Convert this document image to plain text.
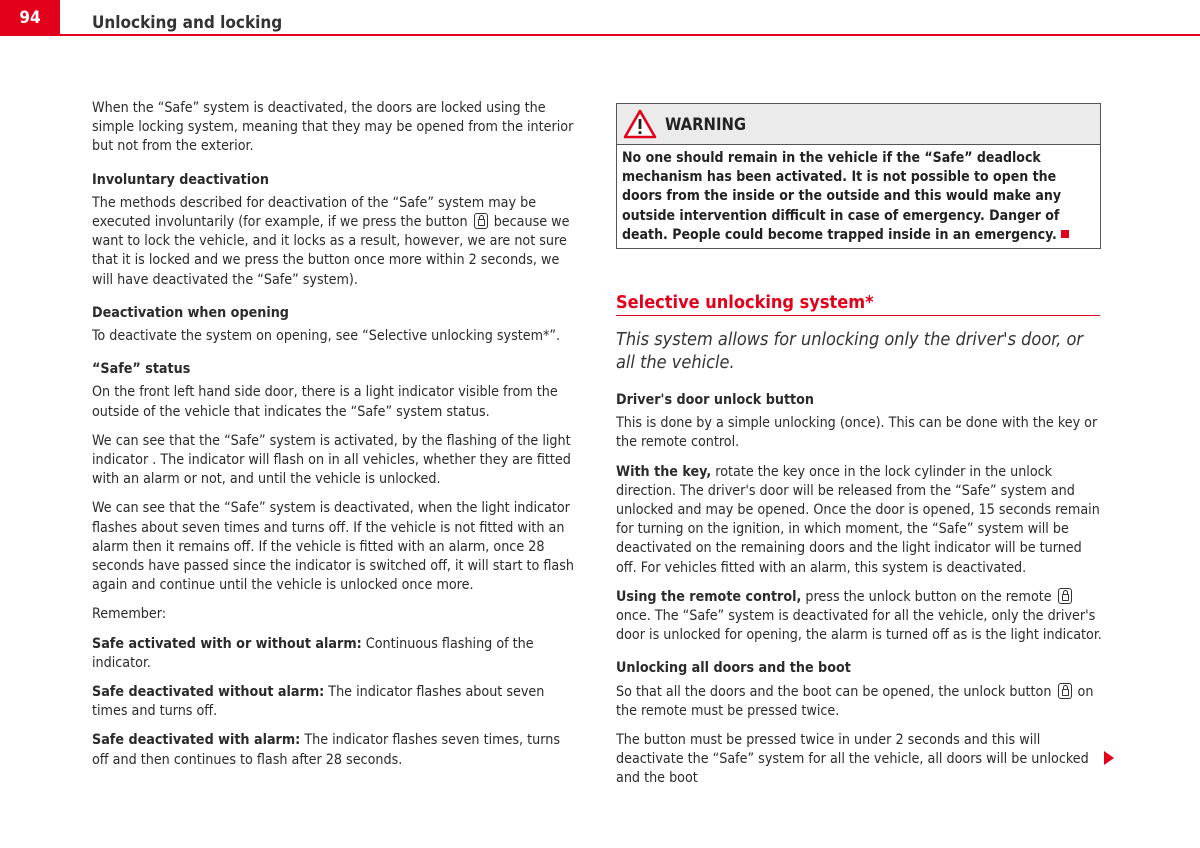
94	Unlocking and locking

When the “Safe” system is deactivated, the doors are locked using the simple locking system, meaning that they may be opened from the interior but not from the exterior.

Involuntary deactivation

The methods described for deactivation of the “Safe” system may be executed involuntarily (for example, if we press the button because we want to lock the vehicle, and it locks as a result, however, we are not sure that it is locked and we press the button once more within 2 seconds, we will have deactivated the “Safe” system).

Deactivation when opening

To deactivate the system on opening, see “Selective unlocking system*”.

“Safe” status

On the front left hand side door, there is a light indicator visible from the outside of the vehicle that indicates the “Safe” system status.

We can see that the “Safe” system is activated, by the flashing of the light indicator . The indicator will flash on in all vehicles, whether they are fitted with an alarm or not, and until the vehicle is unlocked.

We can see that the “Safe” system is deactivated, when the light indicator flashes about seven times and turns off. If the vehicle is not fitted with an alarm then it remains off. If the vehicle is fitted with an alarm, once 28 seconds have passed since the indicator is switched off, it will start to flash again and continue until the vehicle is unlocked once more.

Remember:

Safe activated with or without alarm: Continuous flashing of the indicator.

Safe deactivated without alarm: The indicator flashes about seven times and turns off.

Safe deactivated with alarm: The indicator flashes seven times, turns off and then continues to flash after 28 seconds.

WARNING
No one should remain in the vehicle if the “Safe” deadlock mechanism has been activated. It is not possible to open the doors from the inside or the outside and this would make any outside intervention difficult in case of emergency. Danger of death. People could become trapped inside in an emergency.
Selective unlocking system*
This system allows for unlocking only the driver's door, or all the vehicle.

Driver's door unlock button

This is done by a simple unlocking (once). This can be done with the key or the remote control.

With the key, rotate the key once in the lock cylinder in the unlock direction. The driver's door will be released from the “Safe” system and unlocked and may be opened. Once the door is opened, 15 seconds remain for turning on the ignition, in which moment, the “Safe” system will be deactivated on the remaining doors and the light indicator will be turned off. For vehicles fitted with an alarm, this system is deactivated.

Using the remote control, press the unlock button on the remote  once. The “Safe” system is deactivated for all the vehicle, only the driver's door is unlocked for opening, the alarm is turned off as is the light indicator.

Unlocking all doors and the boot

So that all the doors and the boot can be opened, the unlock button  on the remote must be pressed twice.

The button must be pressed twice in under 2 seconds and this will deactivate the “Safe” system for all the vehicle, all doors will be unlocked and the boot
